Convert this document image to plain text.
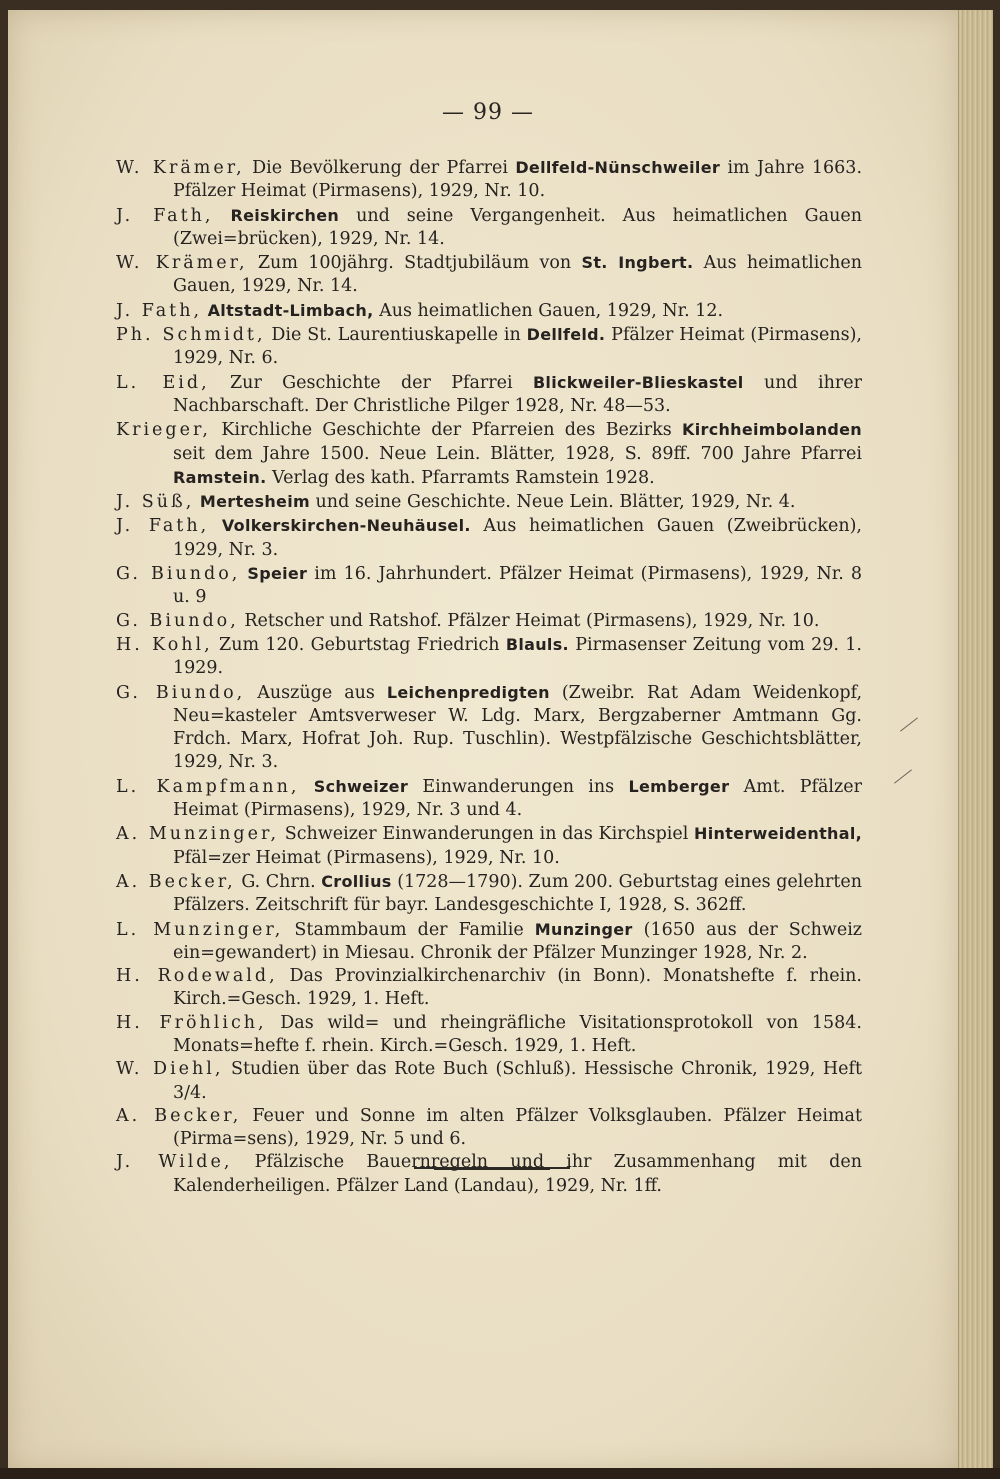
— 99 —

W. Krämer, Die Bevölkerung der Pfarrei Dellfeld-Nünschweiler im Jahre 1663. Pfälzer Heimat (Pirmasens), 1929, Nr. 10.

J. Fath, Reiskirchen und seine Vergangenheit. Aus heimatlichen Gauen (Zwei=brücken), 1929, Nr. 14.

W. Krämer, Zum 100jährg. Stadtjubiläum von St. Ingbert. Aus heimatlichen Gauen, 1929, Nr. 14.

J. Fath, Altstadt-Limbach, Aus heimatlichen Gauen, 1929, Nr. 12.

Ph. Schmidt, Die St. Laurentiuskapelle in Dellfeld. Pfälzer Heimat (Pirmasens), 1929, Nr. 6.

L. Eid, Zur Geschichte der Pfarrei Blickweiler-Blieskastel und ihrer Nachbarschaft. Der Christliche Pilger 1928, Nr. 48—53.

Krieger, Kirchliche Geschichte der Pfarreien des Bezirks Kirchheimbolanden seit dem Jahre 1500. Neue Lein. Blätter, 1928, S. 89ff. 700 Jahre Pfarrei Ramstein. Verlag des kath. Pfarramts Ramstein 1928.

J. Süß, Mertesheim und seine Geschichte. Neue Lein. Blätter, 1929, Nr. 4.

J. Fath, Volkerskirchen-Neuhäusel. Aus heimatlichen Gauen (Zweibrücken), 1929, Nr. 3.

G. Biundo, Speier im 16. Jahrhundert. Pfälzer Heimat (Pirmasens), 1929, Nr. 8 u. 9

G. Biundo, Retscher und Ratshof. Pfälzer Heimat (Pirmasens), 1929, Nr. 10.

H. Kohl, Zum 120. Geburtstag Friedrich Blauls. Pirmasenser Zeitung vom 29. 1. 1929.

G. Biundo, Auszüge aus Leichenpredigten (Zweibr. Rat Adam Weidenkopf, Neu=kasteler Amtsverweser W. Ldg. Marx, Bergzaberner Amtmann Gg. Frdch. Marx, Hofrat Joh. Rup. Tuschlin). Westpfälzische Geschichtsblätter, 1929, Nr. 3.

L. Kampfmann, Schweizer Einwanderungen ins Lemberger Amt. Pfälzer Heimat (Pirmasens), 1929, Nr. 3 und 4.

A. Munzinger, Schweizer Einwanderungen in das Kirchspiel Hinterweidenthal, Pfäl=zer Heimat (Pirmasens), 1929, Nr. 10.

A. Becker, G. Chrn. Crollius (1728—1790). Zum 200. Geburtstag eines gelehrten Pfälzers. Zeitschrift für bayr. Landesgeschichte I, 1928, S. 362ff.

L. Munzinger, Stammbaum der Familie Munzinger (1650 aus der Schweiz ein=gewandert) in Miesau. Chronik der Pfälzer Munzinger 1928, Nr. 2.

H. Rodewald, Das Provinzialkirchenarchiv (in Bonn). Monatshefte f. rhein. Kirch.=Gesch. 1929, 1. Heft.

H. Fröhlich, Das wild= und rheingräfliche Visitationsprotokoll von 1584. Monats=hefte f. rhein. Kirch.=Gesch. 1929, 1. Heft.

W. Diehl, Studien über das Rote Buch (Schluß). Hessische Chronik, 1929, Heft 3/4.

A. Becker, Feuer und Sonne im alten Pfälzer Volksglauben. Pfälzer Heimat (Pirma=sens), 1929, Nr. 5 und 6.

J. Wilde, Pfälzische Bauernregeln und ihr Zusammenhang mit den Kalenderheiligen. Pfälzer Land (Landau), 1929, Nr. 1ff.
